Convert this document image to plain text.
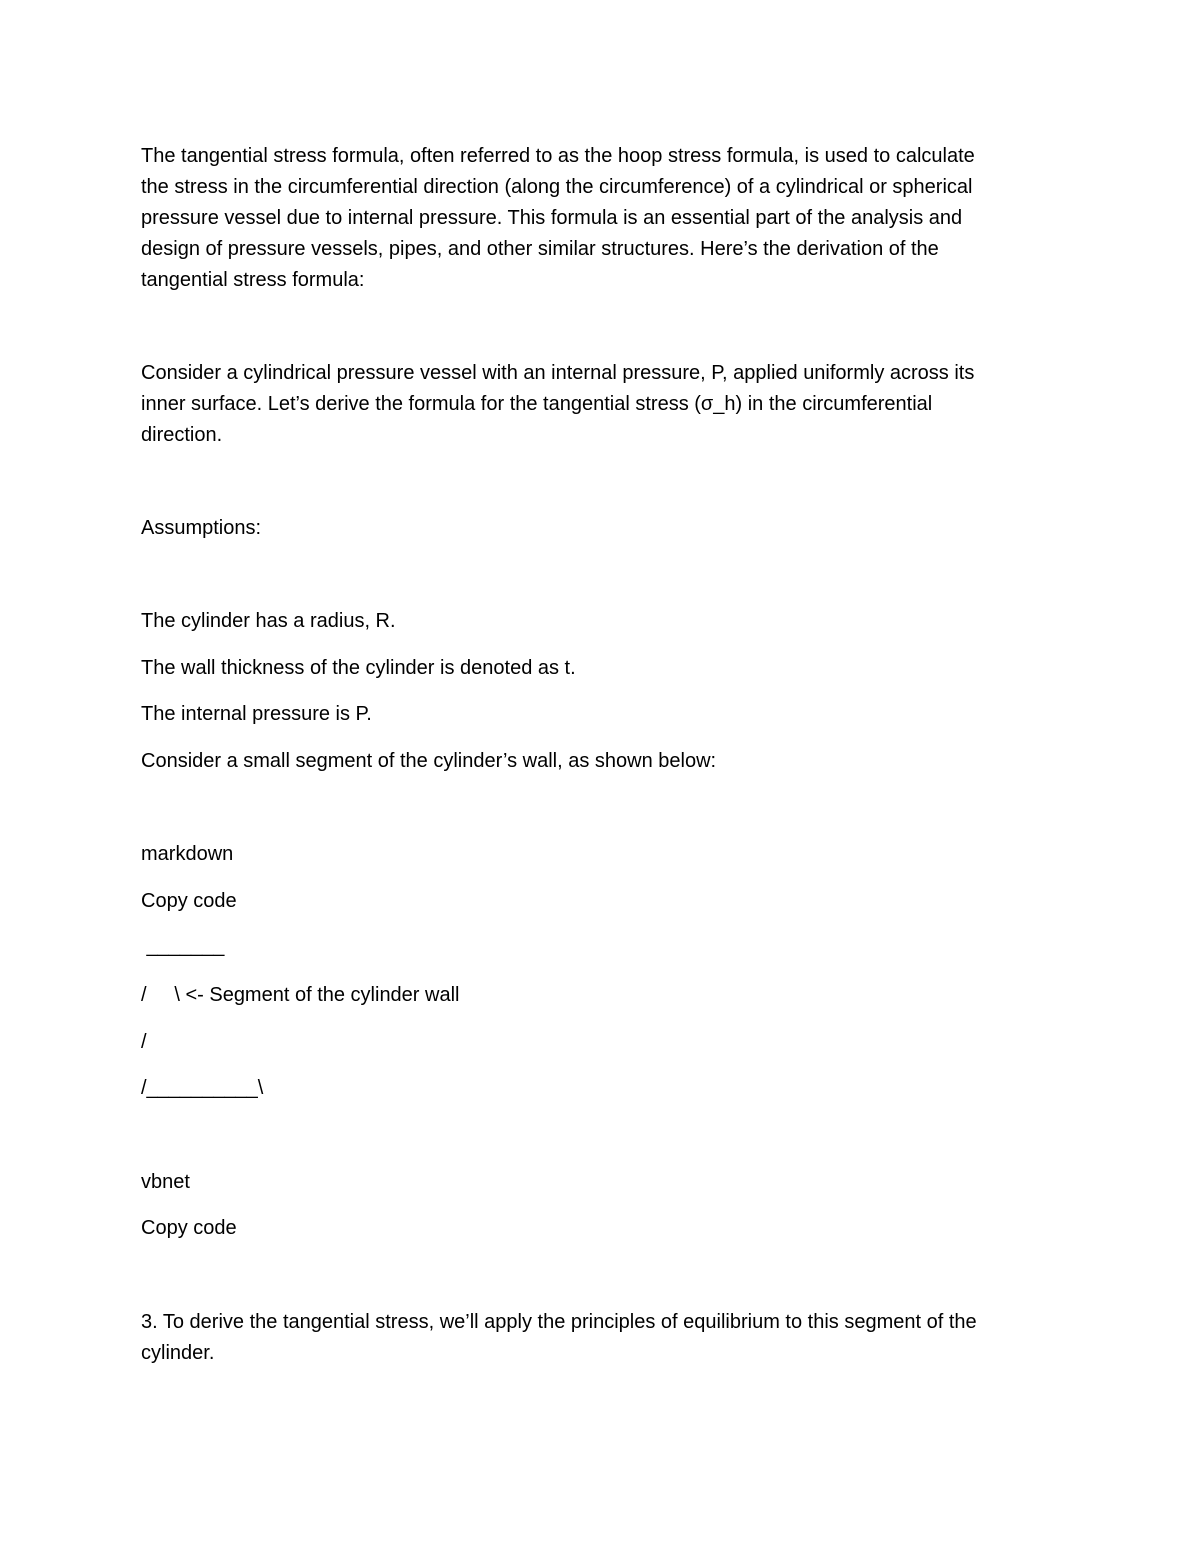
The tangential stress formula, often referred to as the hoop stress formula, is used to calculate
the stress in the circumferential direction (along the circumference) of a cylindrical or spherical
pressure vessel due to internal pressure. This formula is an essential part of the analysis and
design of pressure vessels, pipes, and other similar structures. Here’s the derivation of the
tangential stress formula:
Consider a cylindrical pressure vessel with an internal pressure, P, applied uniformly across its
inner surface. Let’s derive the formula for the tangential stress (σ_h) in the circumferential
direction.
Assumptions:
The cylinder has a radius, R.
The wall thickness of the cylinder is denoted as t.
The internal pressure is P.
Consider a small segment of the cylinder’s wall, as shown below:
markdown
Copy code
_______
/     \ <- Segment of the cylinder wall
/
/__________\
vbnet
Copy code
3. To derive the tangential stress, we’ll apply the principles of equilibrium to this segment of the
cylinder.
